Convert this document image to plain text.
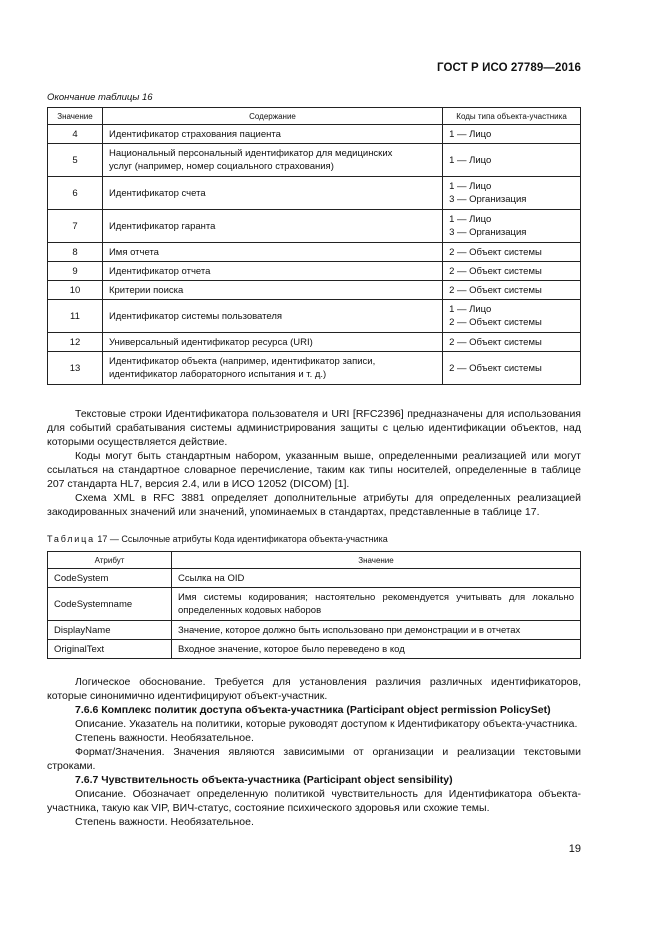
ГОСТ Р ИСО 27789—2016
Окончание таблицы 16
Значение	Содержание	Коды типа объекта-участника
4	Идентификатор страхования пациента	1 — Лицо

5	Национальный персональный идентификатор для медицинских
услуг (например, номер социального страхования)	1 — Лицо

6	Идентификатор счета	1 — Лицо
3 — Организация

7	Идентификатор гаранта	1 — Лицо
3 — Организация

8	Имя отчета	2 — Объект системы

9	Идентификатор отчета	2 — Объект системы

10	Критерии поиска	2 — Объект системы

11	Идентификатор системы пользователя	1 — Лицо
2 — Объект системы

12	Универсальный идентификатор ресурса (URI)	2 — Объект системы

13	Идентификатор объекта (например, идентификатор записи,
идентификатор лабораторного испытания и т. д.)	2 — Объект системы

Текстовые строки Идентификатора пользователя и URI [RFC2396] предназначены для использования для событий срабатывания системы администрирования защиты с целью идентификации объектов, над которыми осуществляется действие.

Коды могут быть стандартным набором, указанным выше, определенными реализацией или могут ссылаться на стандартное словарное перечисление, таким как типы носителей, определенные в таблице 207 стандарта HL7, версия 2.4, или в ИСО 12052 (DICOM) [1].

Схема XML в RFC 3881 определяет дополнительные атрибуты для определенных реализацией закодированных значений или значений, упоминаемых в стандартах, представленные в таблице 17.

Таблица 17 — Ссылочные атрибуты Кода идентификатора объекта-участника
Атрибут	Значение
CodeSystem	Ссылка на OID
CodeSystemname	Имя системы кодирования; настоятельно рекомендуется учитывать для локально определенных кодовых наборов
DisplayName	Значение, которое должно быть использовано при демонстрации и в отчетах
OriginalText	Входное значение, которое было переведено в код

Логическое обоснование. Требуется для установления различия различных идентификаторов, которые синонимично идентифицируют объект-участник.

7.6.6 Комплекс политик доступа объекта-участника (Participant object permission PolicySet)

Описание. Указатель на политики, которые руководят доступом к Идентификатору объекта-участника.

Степень важности. Необязательное.

Формат/Значения. Значения являются зависимыми от организации и реализации текстовыми строками.

7.6.7 Чувствительность объекта-участника (Participant object sensibility)

Описание. Обозначает определенную политикой чувствительность для Идентификатора объекта-участника, такую как VIP, ВИЧ-статус, состояние психического здоровья или схожие темы.

Степень важности. Необязательное.

19
